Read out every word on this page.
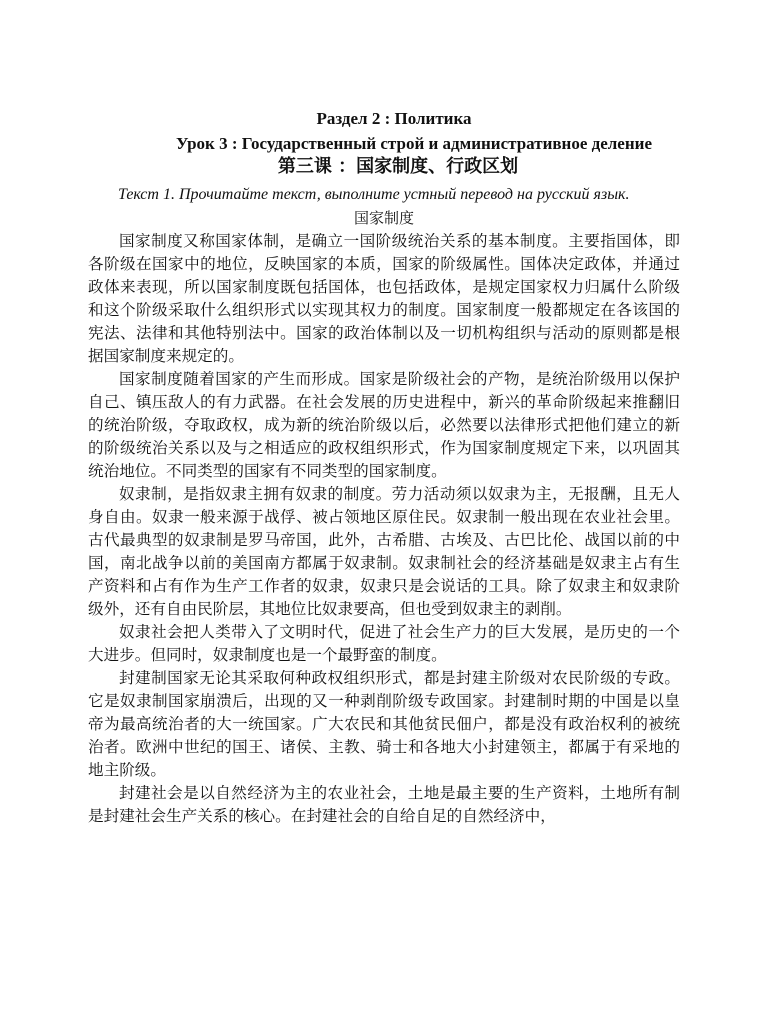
Раздел 2 : Политика
Урок 3 : Государственный строй и административное деление
第三课 ：国家制度、行政区划

Текст 1. Прочитайте текст, выполните устный перевод на русский язык.

国家制度

国家制度又称国家体制，是确立一国阶级统治关系的基本制度。主要指国体，即各阶级在国家中的地位，反映国家的本质，国家的阶级属性。国体决定政体，并通过政体来表现，所以国家制度既包括国体，也包括政体，是规定国家权力归属什么阶级和这个阶级采取什么组织形式以实现其权力的制度。国家制度一般都规定在各该国的宪法、法律和其他特别法中。国家的政治体制以及一切机构组织与活动的原则都是根据国家制度来规定的。

国家制度随着国家的产生而形成。国家是阶级社会的产物，是统治阶级用以保护自己、镇压敌人的有力武器。在社会发展的历史进程中，新兴的革命阶级起来推翻旧的统治阶级，夺取政权，成为新的统治阶级以后，必然要以法律形式把他们建立的新的阶级统治关系以及与之相适应的政权组织形式，作为国家制度规定下来，以巩固其统治地位。不同类型的国家有不同类型的国家制度。

奴隶制，是指奴隶主拥有奴隶的制度。劳力活动须以奴隶为主，无报酬，且无人身自由。奴隶一般来源于战俘、被占领地区原住民。奴隶制一般出现在农业社会里。古代最典型的奴隶制是罗马帝国，此外，古希腊、古埃及、古巴比伦、战国以前的中国，南北战争以前的美国南方都属于奴隶制。奴隶制社会的经济基础是奴隶主占有生产资料和占有作为生产工作者的奴隶，奴隶只是会说话的工具。除了奴隶主和奴隶阶级外，还有自由民阶层，其地位比奴隶要高，但也受到奴隶主的剥削。

奴隶社会把人类带入了文明时代，促进了社会生产力的巨大发展，是历史的一个大进步。但同时，奴隶制度也是一个最野蛮的制度。

封建制国家无论其采取何种政权组织形式，都是封建主阶级对农民阶级的专政。它是奴隶制国家崩溃后，出现的又一种剥削阶级专政国家。封建制时期的中国是以皇帝为最高统治者的大一统国家。广大农民和其他贫民佃户，都是没有政治权利的被统治者。欧洲中世纪的国王、诸侯、主教、骑士和各地大小封建领主，都属于有采地的地主阶级。

封建社会是以自然经济为主的农业社会，土地是最主要的生产资料，土地所有制是封建社会生产关系的核心。在封建社会的自给自足的自然经济中，
